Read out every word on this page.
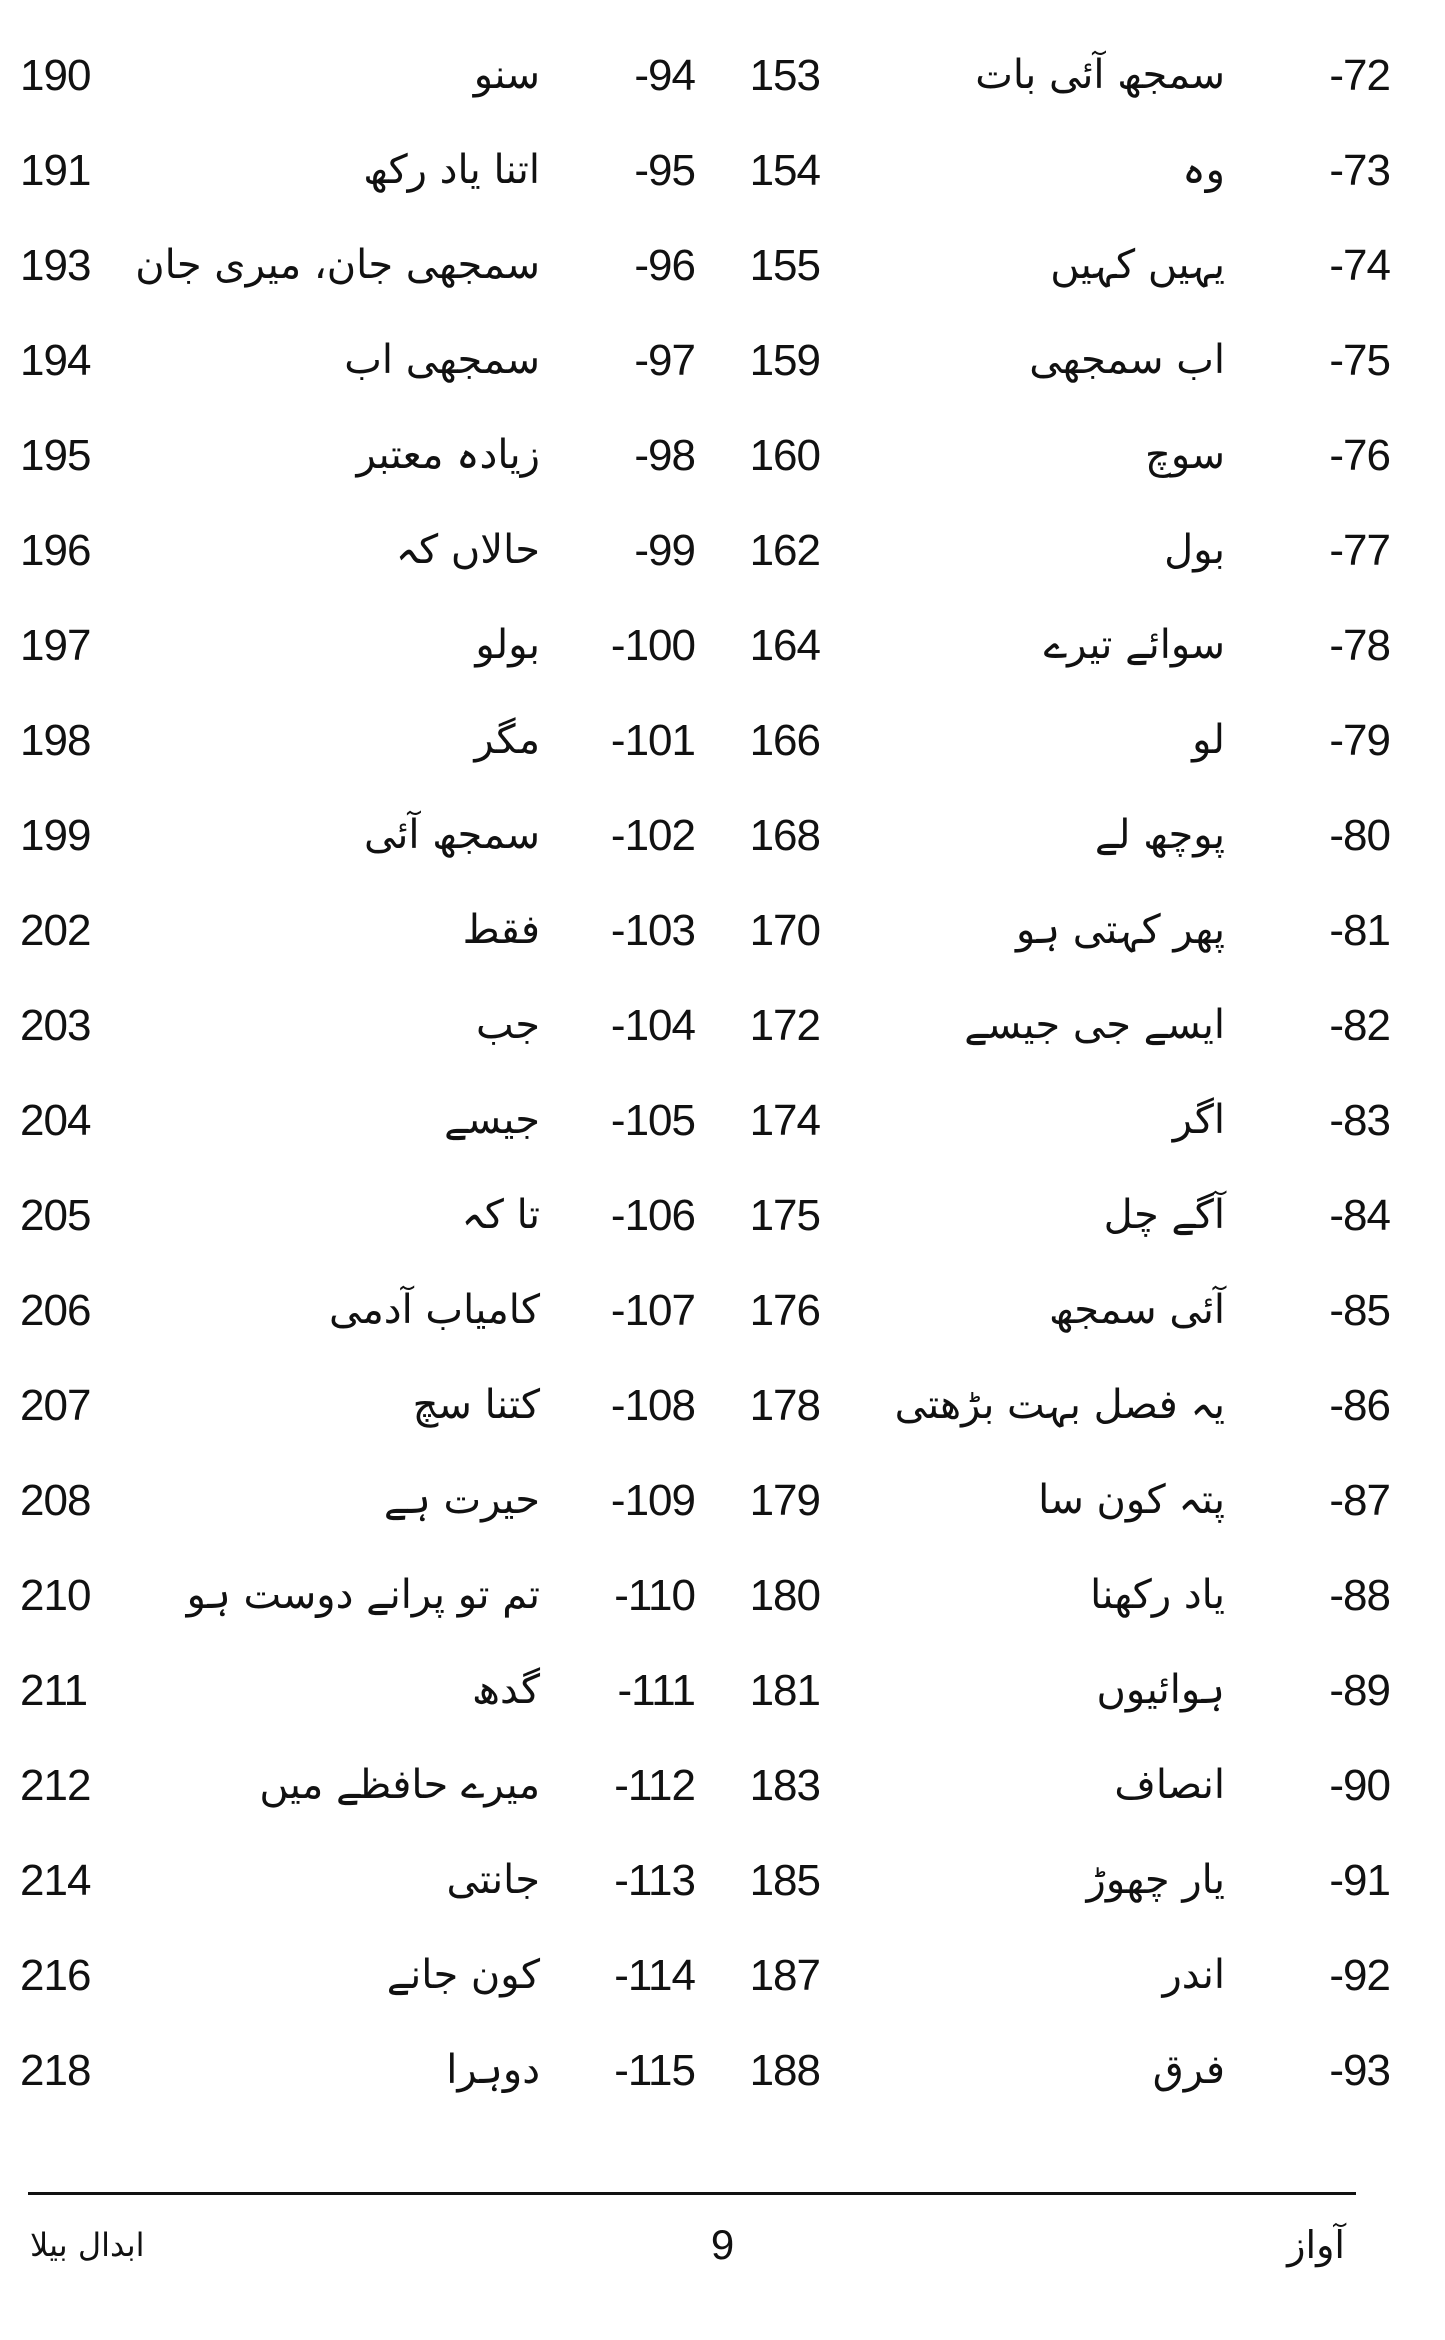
-72
سمجھ آئی بات
153
-94
سنو
190
-73
وہ
154
-95
اتنا یاد رکھ
191
-74
یہیں کہیں
155
-96
سمجھی جان، میری جان
193
-75
اب سمجھی
159
-97
سمجھی اب
194
-76
سوچ
160
-98
زیادہ معتبر
195
-77
بول
162
-99
حالاں کہ
196
-78
سوائے تیرے
164
-100
بولو
197
-79
لو
166
-101
مگر
198
-80
پوچھ لے
168
-102
سمجھ آئی
199
-81
پھر کہتی ہو
170
-103
فقط
202
-82
ایسے جی جیسے
172
-104
جب
203
-83
اگر
174
-105
جیسے
204
-84
آگے چل
175
-106
تا کہ
205
-85
آئی سمجھ
176
-107
کامیاب آدمی
206
-86
یہ فصل بہت بڑھتی
178
-108
کتنا سچ
207
-87
پتہ کون سا
179
-109
حیرت ہے
208
-88
یاد رکھنا
180
-110
تم تو پرانے دوست ہو
210
-89
ہوائیوں
181
-111
گدھ
211
-90
انصاف
183
-112
میرے حافظے میں
212
-91
یار چھوڑ
185
-113
جانتی
214
-92
اندر
187
-114
کون جانے
216
-93
فرق
188
-115
دوہرا
218
آواز
9
ابدال بیلا
